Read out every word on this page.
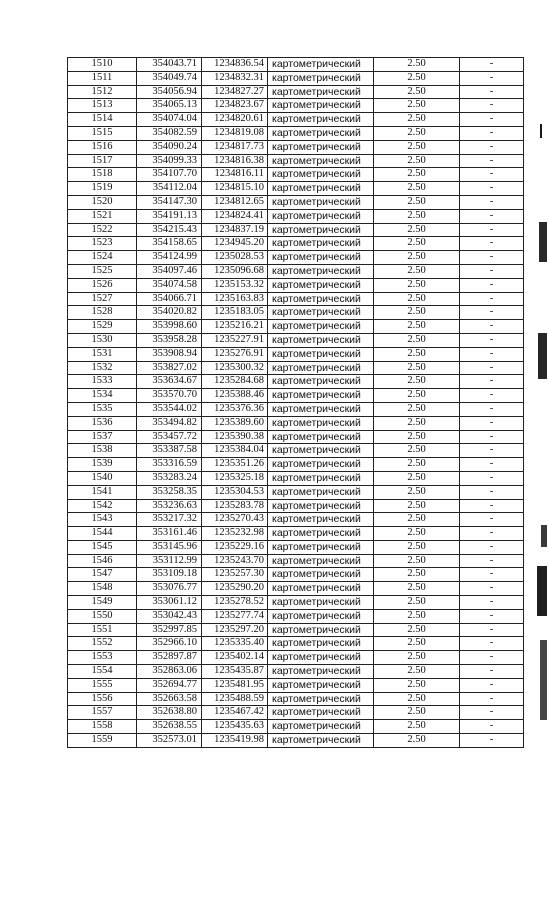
1510	354043.71	1234836.54	картометрический	2.50	-
1511	354049.74	1234832.31	картометрический	2.50	-
1512	354056.94	1234827.27	картометрический	2.50	-
1513	354065.13	1234823.67	картометрический	2.50	-
1514	354074.04	1234820.61	картометрический	2.50	-
1515	354082.59	1234819.08	картометрический	2.50	-
1516	354090.24	1234817.73	картометрический	2.50	-
1517	354099.33	1234816.38	картометрический	2.50	-
1518	354107.70	1234816.11	картометрический	2.50	-
1519	354112.04	1234815.10	картометрический	2.50	-
1520	354147.30	1234812.65	картометрический	2.50	-
1521	354191.13	1234824.41	картометрический	2.50	-
1522	354215.43	1234837.19	картометрический	2.50	-
1523	354158.65	1234945.20	картометрический	2.50	-
1524	354124.99	1235028.53	картометрический	2.50	-
1525	354097.46	1235096.68	картометрический	2.50	-
1526	354074.58	1235153.32	картометрический	2.50	-
1527	354066.71	1235163.83	картометрический	2.50	-
1528	354020.82	1235183.05	картометрический	2.50	-
1529	353998.60	1235216.21	картометрический	2.50	-
1530	353958.28	1235227.91	картометрический	2.50	-
1531	353908.94	1235276.91	картометрический	2.50	-
1532	353827.02	1235300.32	картометрический	2.50	-
1533	353634.67	1235284.68	картометрический	2.50	-
1534	353570.70	1235388.46	картометрический	2.50	-
1535	353544.02	1235376.36	картометрический	2.50	-
1536	353494.82	1235389.60	картометрический	2.50	-
1537	353457.72	1235390.38	картометрический	2.50	-
1538	353387.58	1235384.04	картометрический	2.50	-
1539	353316.59	1235351.26	картометрический	2.50	-
1540	353283.24	1235325.18	картометрический	2.50	-
1541	353258.35	1235304.53	картометрический	2.50	-
1542	353236.63	1235283.78	картометрический	2.50	-
1543	353217.32	1235270.43	картометрический	2.50	-
1544	353161.46	1235232.98	картометрический	2.50	-
1545	353145.96	1235229.16	картометрический	2.50	-
1546	353112.99	1235243.70	картометрический	2.50	-
1547	353109.18	1235257.30	картометрический	2.50	-
1548	353076.77	1235290.20	картометрический	2.50	-
1549	353061.12	1235278.52	картометрический	2.50	-
1550	353042.43	1235277.74	картометрический	2.50	-
1551	352997.85	1235297.20	картометрический	2.50	-
1552	352966.10	1235335.40	картометрический	2.50	-
1553	352897.87	1235402.14	картометрический	2.50	-
1554	352863.06	1235435.87	картометрический	2.50	-
1555	352694.77	1235481.95	картометрический	2.50	-
1556	352663.58	1235488.59	картометрический	2.50	-
1557	352638.80	1235467.42	картометрический	2.50	-
1558	352638.55	1235435.63	картометрический	2.50	-
1559	352573.01	1235419.98	картометрический	2.50	-
